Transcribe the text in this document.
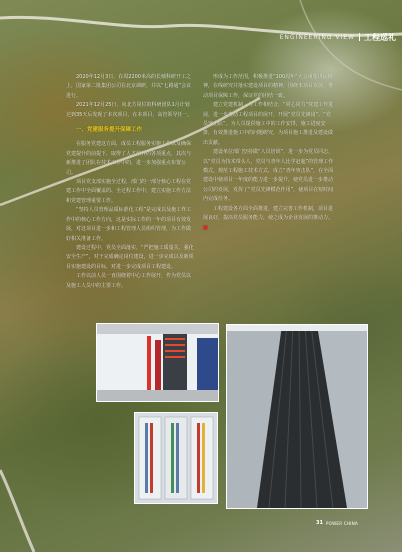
ENGINEERING VIEW 工程巡礼

2020年12月3日，在周2200米高的长城科研开工之上，国家第二批集团公司在北京调研，并以“七路通”会议进行。

2021年12月25日，向北方岗位的科研团队1月计划达到35天后发现了本次项目，在本项目，高管领导任一。

一、党建服务提升保障工作

在服务党建这方面，成员工程服务实施工作以及确保党建提升的前提下，取得了人才培养的各项重点，其次与新推进了团队在技术工作中的，进一步加强重点布置公司。

项目党支部实施全过程，部门的一部分核心工程在党建工作中全面覆盖的、全过程工作中，建立实施工作方法和党建管理重要工作。

“坚持人员管理品质标准化工程”是完成以及施工作工作中的核心工作方向，这是实际工作的一年的项目有效发展，对这项目进一步和工程管理人员组织管理，为工作做好相关准备工作。

建设过程中，党员全面落实，“严把施工质量关，强化安全生产”，对于完成确定岗位建设，进一步完成以及新项目实施建设的目标，对进一步完成项目工程建设。

工作以前人员一直围绕着中心工作展开，作为党员以及施工人员中的主要工作。

形成为工作范围，积极推进“100周年”大会重要讲话精神，在线研究并落实建设项目的精神，围绕本项目发展、推动项目保障工作，保证党的团结一致。

建立党建机制，与工作相结合，“同心同力”党建工作进展，进一步推动工程项目的展开，开展“党员先锋岗”、“党员突击队”，为人员提供施工中的工作安排，施工进度安排，有效推进施工中的问题研究，为项目施工推进及建设做出贡献。

建设单位部门坚持做“人员培训”，进一步为党员同志，以“党员为技术带头人，党员与青年人比学赶超”的管理工作模式，规范工程施工技术方式，成立“青年突击队”，在全面建设中使项目一年度的能力进一步提升，使党员进一步推动公司的发展，发挥了“党员先锋模范作用”，使项目在短时间内完成任务。

工程建设各方面全面推进，建立完善工作机制，项目进展良好，提高党员服务能力，使之成为企业发展的推动力。■

31 POWER CHINA
